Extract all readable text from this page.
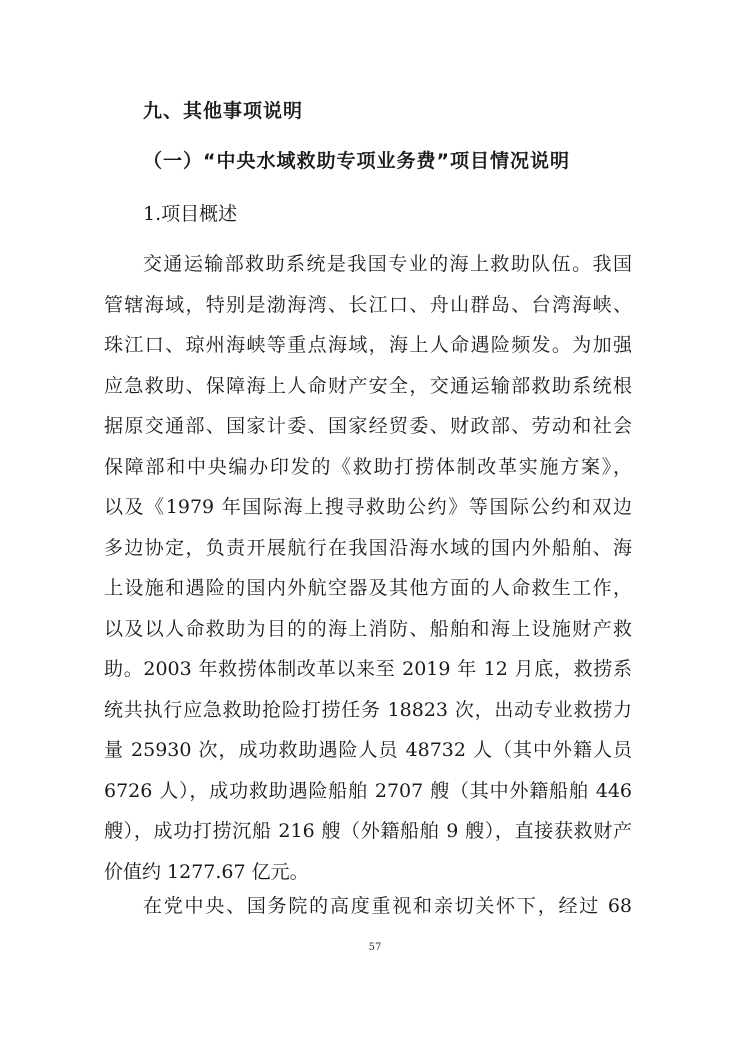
九、其他事项说明
（一）“中央水域救助专项业务费”项目情况说明
1.项目概述
交通运输部救助系统是我国专业的海上救助队伍。我国
管辖海域，特别是渤海湾、长江口、舟山群岛、台湾海峡、
珠江口、琼州海峡等重点海域，海上人命遇险频发。为加强
应急救助、保障海上人命财产安全，交通运输部救助系统根
据原交通部、国家计委、国家经贸委、财政部、劳动和社会
保障部和中央编办印发的《救助打捞体制改革实施方案》，
以及《1979 年国际海上搜寻救助公约》等国际公约和双边
多边协定，负责开展航行在我国沿海水域的国内外船舶、海
上设施和遇险的国内外航空器及其他方面的人命救生工作，
以及以人命救助为目的的海上消防、船舶和海上设施财产救
助。2003 年救捞体制改革以来至 2019 年 12 月底，救捞系
统共执行应急救助抢险打捞任务 18823 次，出动专业救捞力
量 25930 次，成功救助遇险人员 48732 人（其中外籍人员
6726 人），成功救助遇险船舶 2707 艘（其中外籍船舶 446
艘），成功打捞沉船 216 艘（外籍船舶 9 艘），直接获救财产
价值约 1277.67 亿元。
在党中央、国务院的高度重视和亲切关怀下，经过 68
57
